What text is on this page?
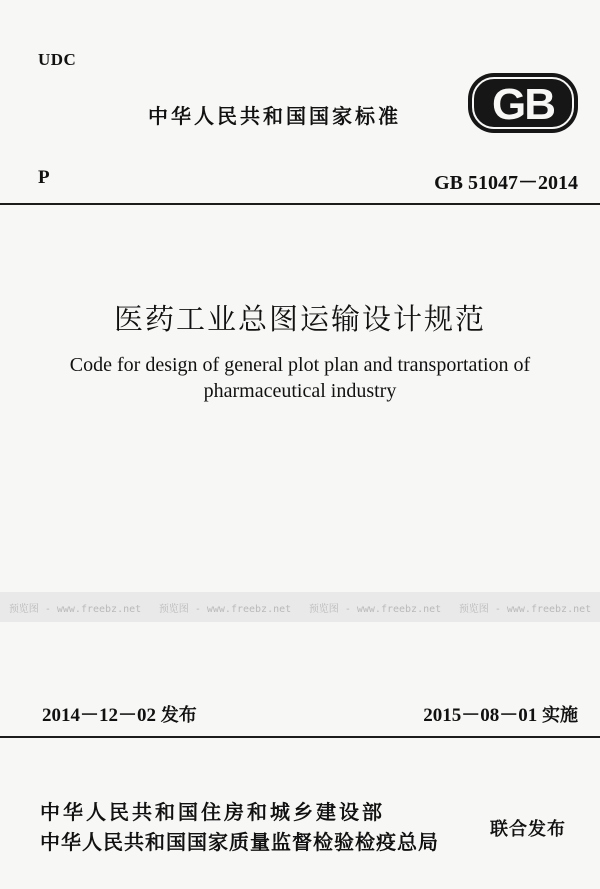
UDC
中华人民共和国国家标准 GB
P	GB 51047－2014
医药工业总图运输设计规范
Code for design of general plot plan and transportation of
pharmaceutical industry
预览图 - www.freebz.net 预览图 - www.freebz.net 预览图 - www.freebz.net 预览图 - www.freebz.net
2014－12－02 发布	2015－08－01 实施
中华人民共和国住房和城乡建设部
中华人民共和国国家质量监督检验检疫总局
联合发布
